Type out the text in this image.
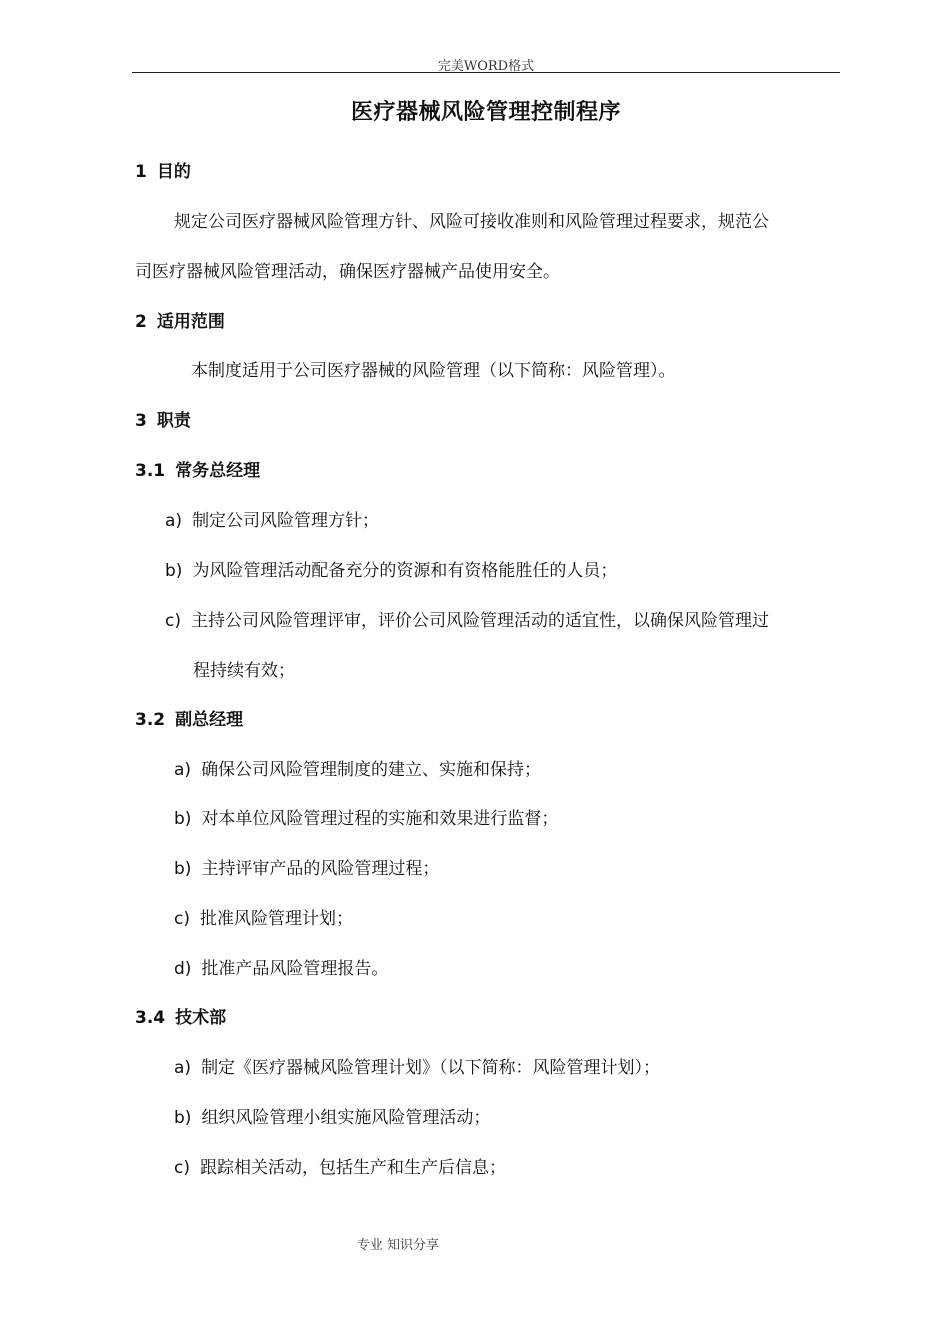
完美WORD格式
医疗器械风险管理控制程序
1 目的
规定公司医疗器械风险管理方针、风险可接收准则和风险管理过程要求，规范公
司医疗器械风险管理活动，确保医疗器械产品使用安全。
2 适用范围
本制度适用于公司医疗器械的风险管理（以下简称：风险管理）。
3 职责
3.1 常务总经理
a) 制定公司风险管理方针；
b) 为风险管理活动配备充分的资源和有资格能胜任的人员；
c) 主持公司风险管理评审，评价公司风险管理活动的适宜性，以确保风险管理过
程持续有效；
3.2 副总经理
a) 确保公司风险管理制度的建立、实施和保持；
b) 对本单位风险管理过程的实施和效果进行监督；
b) 主持评审产品的风险管理过程；
c) 批准风险管理计划；
d) 批准产品风险管理报告。
3.4 技术部
a) 制定《医疗器械风险管理计划》（以下简称：风险管理计划）；
b) 组织风险管理小组实施风险管理活动；
c) 跟踪相关活动，包括生产和生产后信息；
专业 知识分享
